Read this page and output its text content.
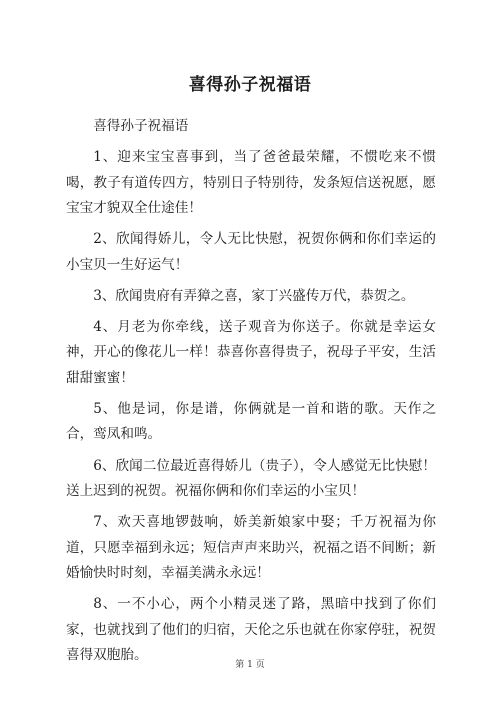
喜得孙子祝福语

喜得孙子祝福语

1、迎来宝宝喜事到，当了爸爸最荣耀，不惯吃来不惯喝，教子有道传四方，特别日子特别待，发条短信送祝愿，愿宝宝才貌双全仕途佳！

2、欣闻得娇儿，令人无比快慰，祝贺你俩和你们幸运的小宝贝一生好运气！

3、欣闻贵府有弄獐之喜，家丁兴盛传万代，恭贺之。

4、月老为你牵线，送子观音为你送子。你就是幸运女神，开心的像花儿一样！恭喜你喜得贵子，祝母子平安，生活甜甜蜜蜜！

5、他是词，你是谱，你俩就是一首和谐的歌。天作之合，鸾凤和鸣。

6、欣闻二位最近喜得娇儿（贵子），令人感觉无比快慰！送上迟到的祝贺。祝福你俩和你们幸运的小宝贝！

7、欢天喜地锣鼓响，娇美新娘家中娶；千万祝福为你道，只愿幸福到永远；短信声声来助兴，祝福之语不间断；新婚愉快时时刻，幸福美满永永远！

8、一不小心，两个小精灵迷了路，黑暗中找到了你们家，也就找到了他们的归宿，天伦之乐也就在你家停驻，祝贺喜得双胞胎。

第 1 页
